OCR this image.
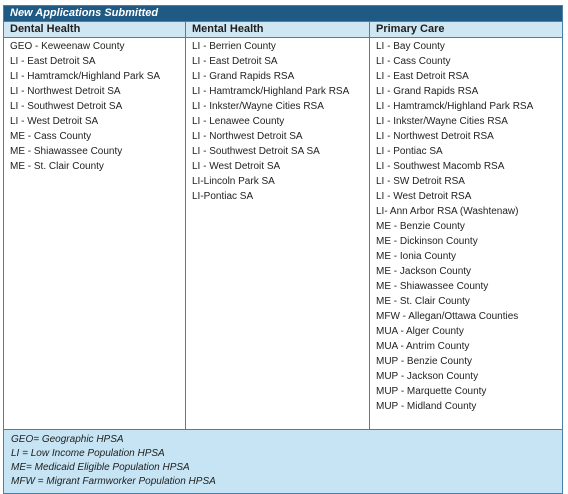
New Applications Submitted
Dental Health
GEO - Keweenaw County
LI - East Detroit SA
LI - Hamtramck/Highland Park SA
LI - Northwest Detroit SA
LI - Southwest Detroit SA
LI - West Detroit SA
ME - Cass County
ME - Shiawassee County
ME - St. Clair County
Mental Health
LI - Berrien County
LI - East Detroit SA
LI - Grand Rapids RSA
LI - Hamtramck/Highland Park RSA
LI - Inkster/Wayne Cities RSA
LI - Lenawee County
LI - Northwest Detroit SA
LI - Southwest Detroit SA SA
LI - West Detroit SA
LI-Lincoln Park SA
LI-Pontiac SA
Primary Care
LI - Bay County
LI - Cass County
LI - East Detroit RSA
LI - Grand Rapids RSA
LI - Hamtramck/Highland Park RSA
LI - Inkster/Wayne Cities RSA
LI - Northwest Detroit RSA
LI - Pontiac SA
LI - Southwest Macomb RSA
LI - SW Detroit RSA
LI - West Detroit RSA
LI- Ann Arbor RSA (Washtenaw)
ME - Benzie County
ME - Dickinson County
ME - Ionia County
ME - Jackson County
ME - Shiawassee County
ME - St. Clair County
MFW - Allegan/Ottawa Counties
MUA - Alger County
MUA - Antrim County
MUP - Benzie County
MUP - Jackson County
MUP - Marquette County
MUP - Midland County
GEO= Geographic HPSA
LI = Low Income Population HPSA
ME= Medicaid Eligible Population HPSA
MFW = Migrant Farmworker Population HPSA
